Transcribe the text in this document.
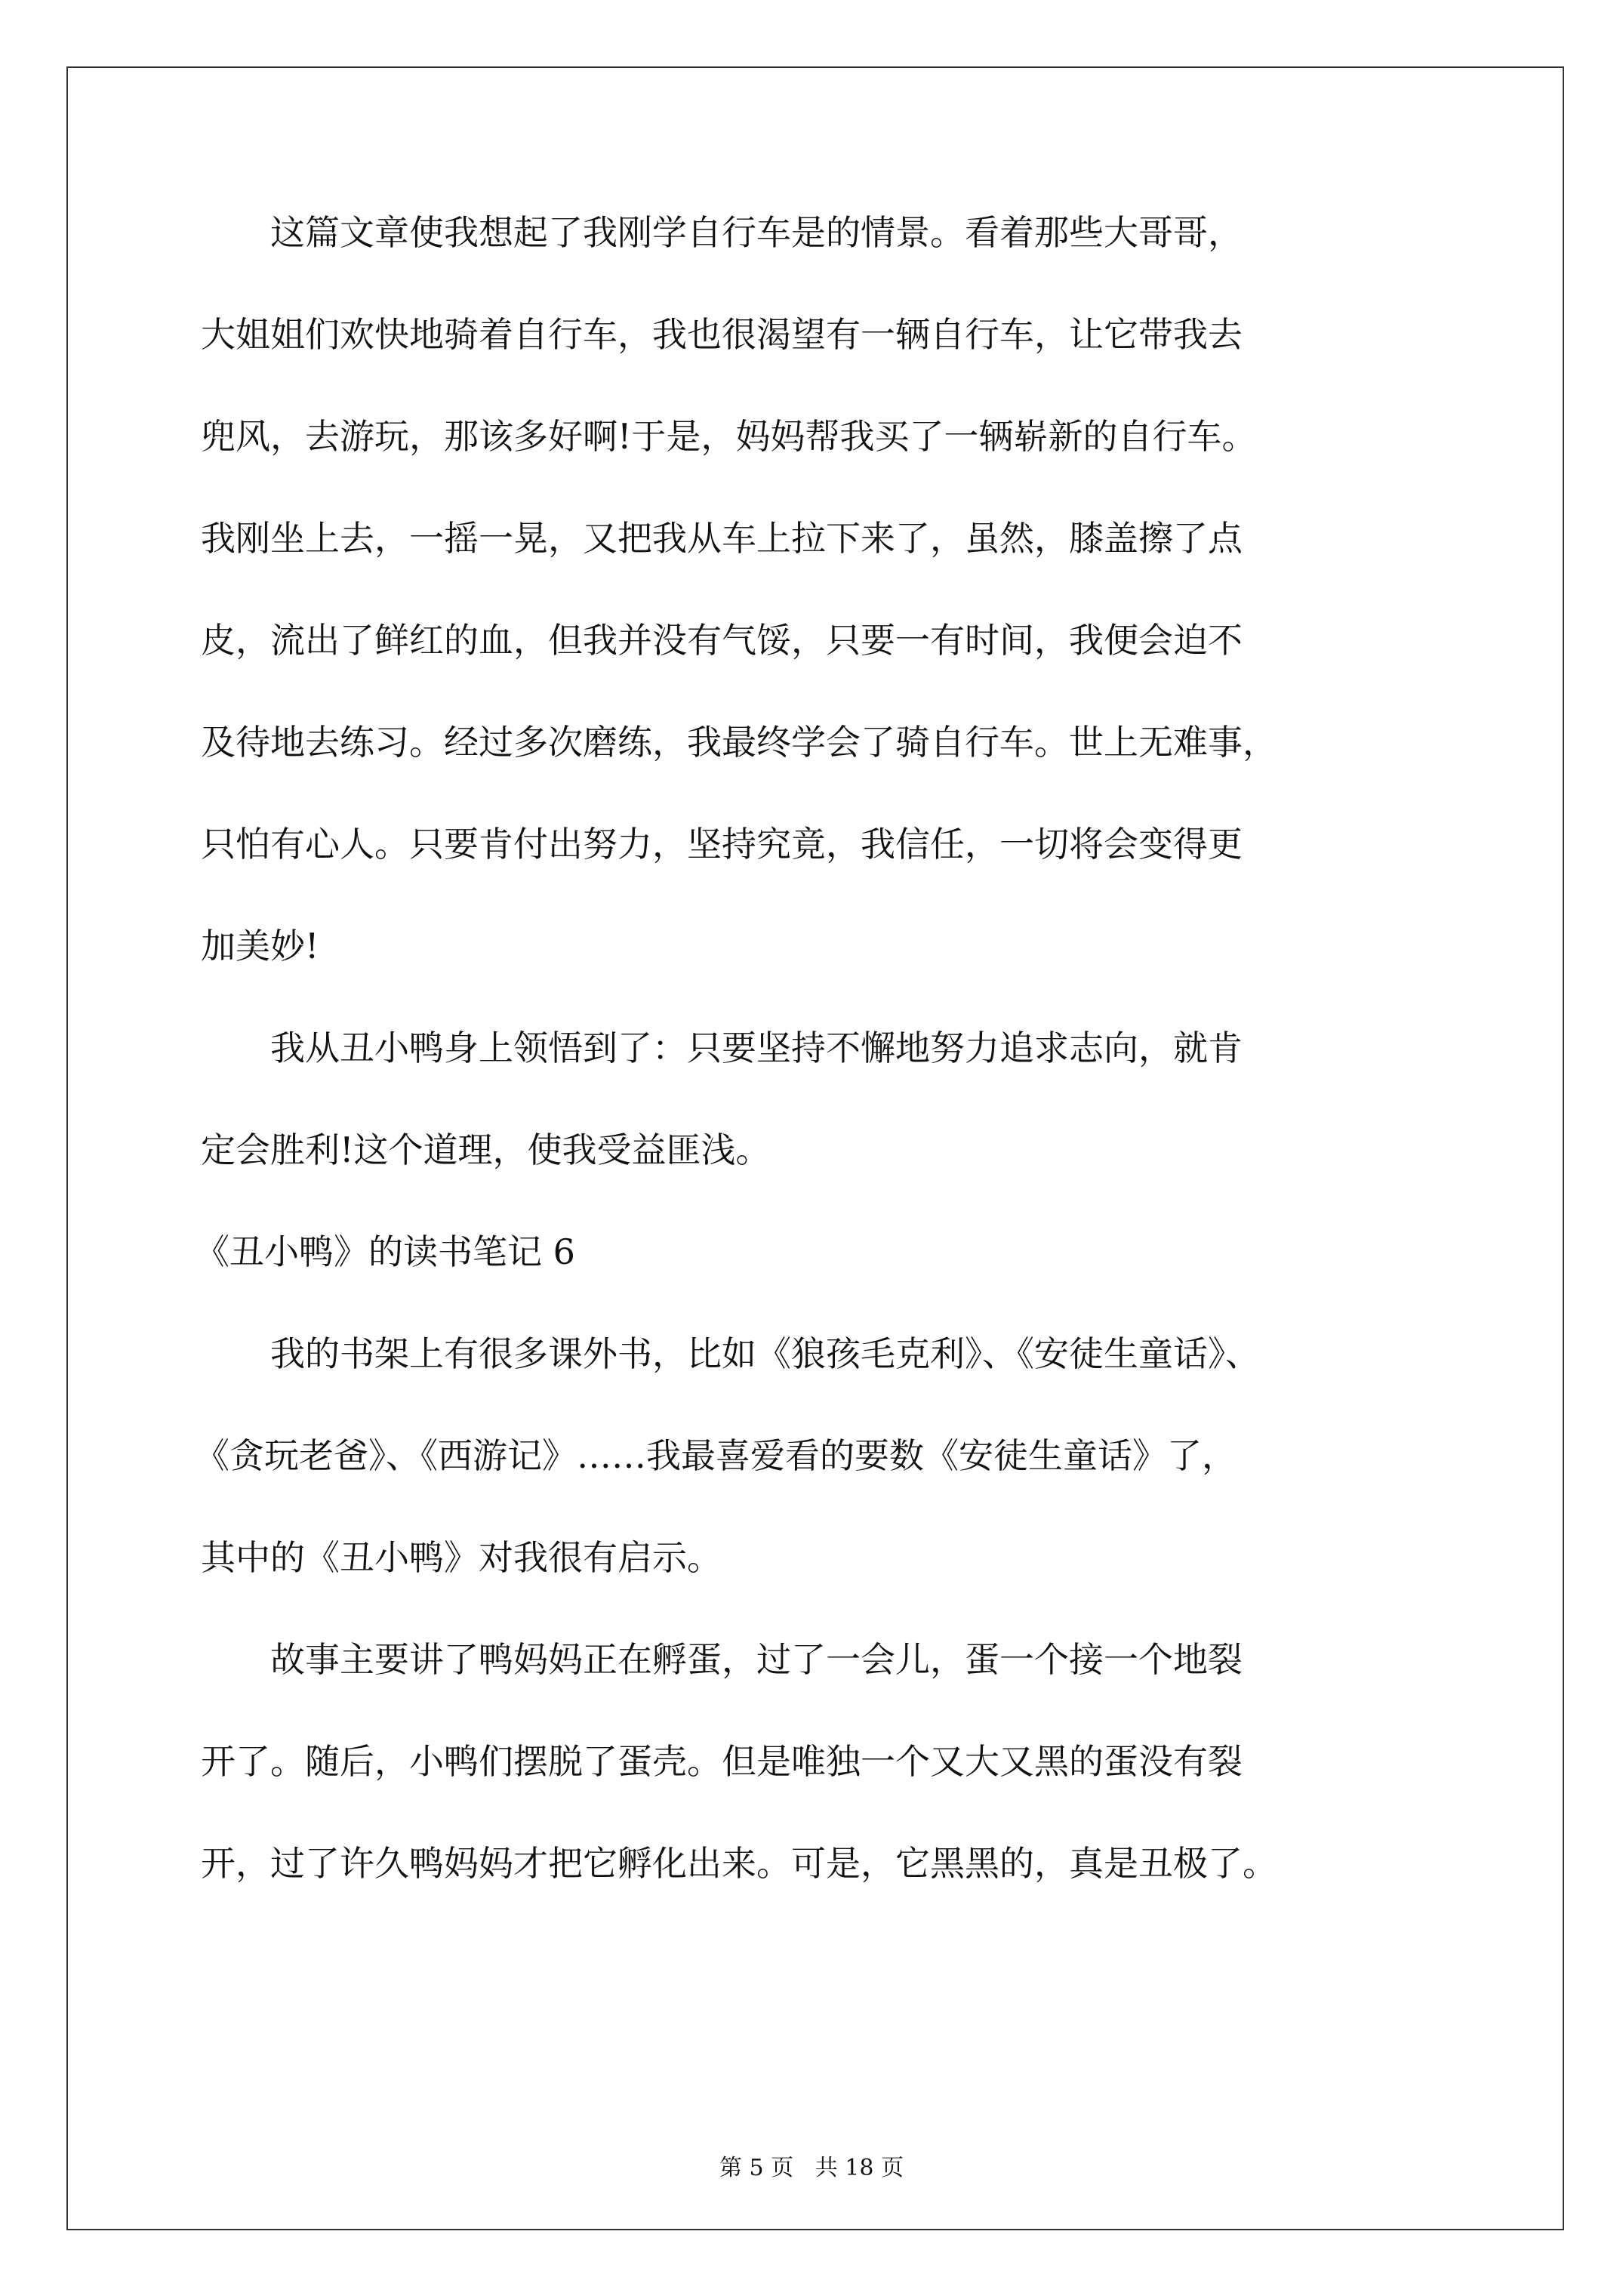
　　这篇文章使我想起了我刚学自行车是的情景。看着那些大哥哥，

大姐姐们欢快地骑着自行车，我也很渴望有一辆自行车，让它带我去

兜风，去游玩，那该多好啊!于是，妈妈帮我买了一辆崭新的自行车。

我刚坐上去，一摇一晃，又把我从车上拉下来了，虽然，膝盖擦了点

皮，流出了鲜红的血，但我并没有气馁，只要一有时间，我便会迫不

及待地去练习。经过多次磨练，我最终学会了骑自行车。世上无难事，

只怕有心人。只要肯付出努力，坚持究竟，我信任，一切将会变得更

加美妙!

　　我从丑小鸭身上领悟到了：只要坚持不懈地努力追求志向，就肯

定会胜利!这个道理，使我受益匪浅。

《丑小鸭》的读书笔记 6

　　我的书架上有很多课外书，比如《狼孩毛克利》、《安徒生童话》、

《贪玩老爸》、《西游记》……我最喜爱看的要数《安徒生童话》了，

其中的《丑小鸭》对我很有启示。

　　故事主要讲了鸭妈妈正在孵蛋，过了一会儿，蛋一个接一个地裂

开了。随后，小鸭们摆脱了蛋壳。但是唯独一个又大又黑的蛋没有裂

开，过了许久鸭妈妈才把它孵化出来。可是，它黑黑的，真是丑极了。

第 5 页   共 18 页
